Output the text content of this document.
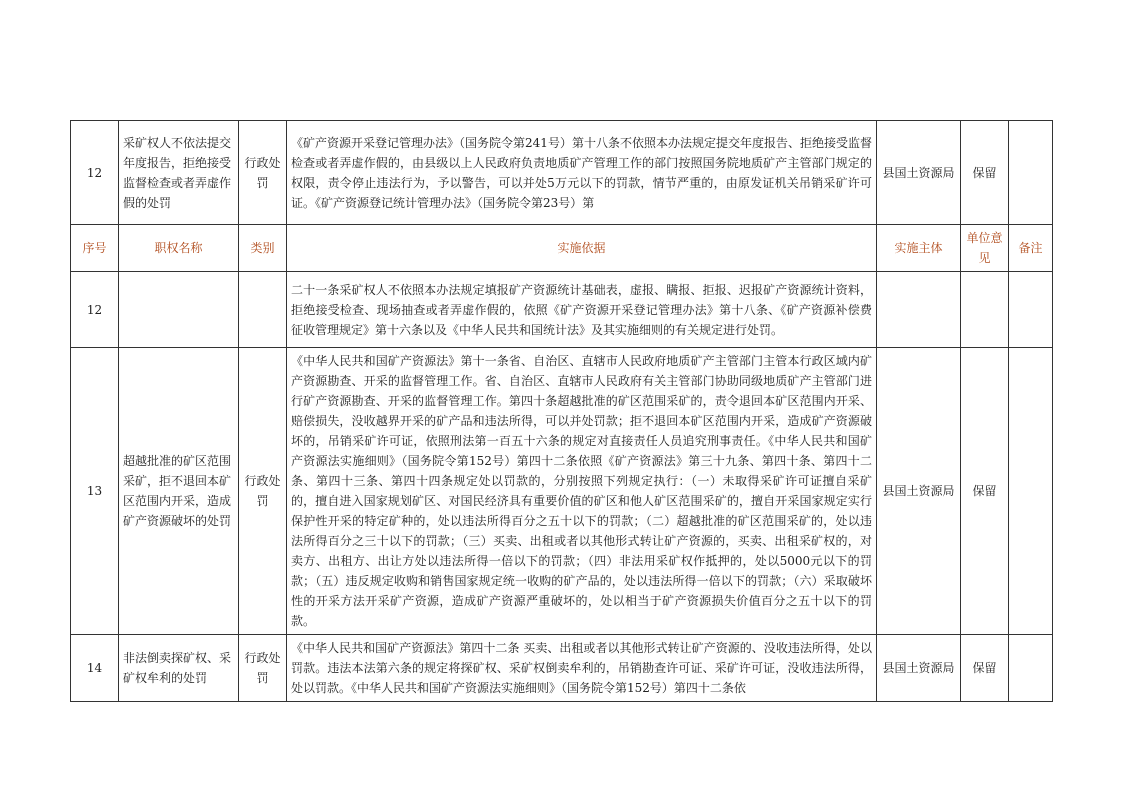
12	采矿权人不依法提交年度报告，拒绝接受监督检查或者弄虚作假的处罚	行政处罚	《矿产资源开采登记管理办法》（国务院令第241号）第十八条不依照本办法规定提交年度报告、拒绝接受监督检查或者弄虚作假的，由县级以上人民政府负责地质矿产管理工作的部门按照国务院地质矿产主管部门规定的权限，责令停止违法行为，予以警告，可以并处5万元以下的罚款，情节严重的，由原发证机关吊销采矿许可证。《矿产资源登记统计管理办法》（国务院令第23号）第	县国土资源局	保留	
序号	职权名称	类别	实施依据	实施主体	单位意见	备注
12			二十一条采矿权人不依照本办法规定填报矿产资源统计基础表，虚报、瞒报、拒报、迟报矿产资源统计资料，拒绝接受检查、现场抽查或者弄虚作假的，依照《矿产资源开采登记管理办法》第十八条、《矿产资源补偿费征收管理规定》第十六条以及《中华人民共和国统计法》及其实施细则的有关规定进行处罚。			
13	超越批准的矿区范围采矿，拒不退回本矿区范围内开采，造成矿产资源破坏的处罚	行政处罚	《中华人民共和国矿产资源法》第十一条省、自治区、直辖市人民政府地质矿产主管部门主管本行政区域内矿产资源勘查、开采的监督管理工作。省、自治区、直辖市人民政府有关主管部门协助同级地质矿产主管部门进行矿产资源勘查、开采的监督管理工作。第四十条超越批准的矿区范围采矿的，责令退回本矿区范围内开采、赔偿损失，没收越界开采的矿产品和违法所得，可以并处罚款；拒不退回本矿区范围内开采，造成矿产资源破坏的，吊销采矿许可证，依照刑法第一百五十六条的规定对直接责任人员追究刑事责任。《中华人民共和国矿产资源法实施细则》（国务院令第152号）第四十二条依照《矿产资源法》第三十九条、第四十条、第四十二条、第四十三条、第四十四条规定处以罚款的，分别按照下列规定执行：（一）未取得采矿许可证擅自采矿的，擅自进入国家规划矿区、对国民经济具有重要价值的矿区和他人矿区范围采矿的，擅自开采国家规定实行保护性开采的特定矿种的，处以违法所得百分之五十以下的罚款；（二）超越批准的矿区范围采矿的，处以违法所得百分之三十以下的罚款；（三）买卖、出租或者以其他形式转让矿产资源的，买卖、出租采矿权的，对卖方、出租方、出让方处以违法所得一倍以下的罚款；（四）非法用采矿权作抵押的，处以5000元以下的罚款；（五）违反规定收购和销售国家规定统一收购的矿产品的，处以违法所得一倍以下的罚款；（六）采取破坏性的开采方法开采矿产资源，造成矿产资源严重破坏的，处以相当于矿产资源损失价值百分之五十以下的罚款。	县国土资源局	保留	
14	非法倒卖探矿权、采矿权牟利的处罚	行政处罚	《中华人民共和国矿产资源法》第四十二条 买卖、出租或者以其他形式转让矿产资源的、没收违法所得，处以罚款。违法本法第六条的规定将探矿权、采矿权倒卖牟利的，吊销勘查许可证、采矿许可证，没收违法所得，处以罚款。《中华人民共和国矿产资源法实施细则》（国务院令第152号）第四十二条依	县国土资源局	保留	
